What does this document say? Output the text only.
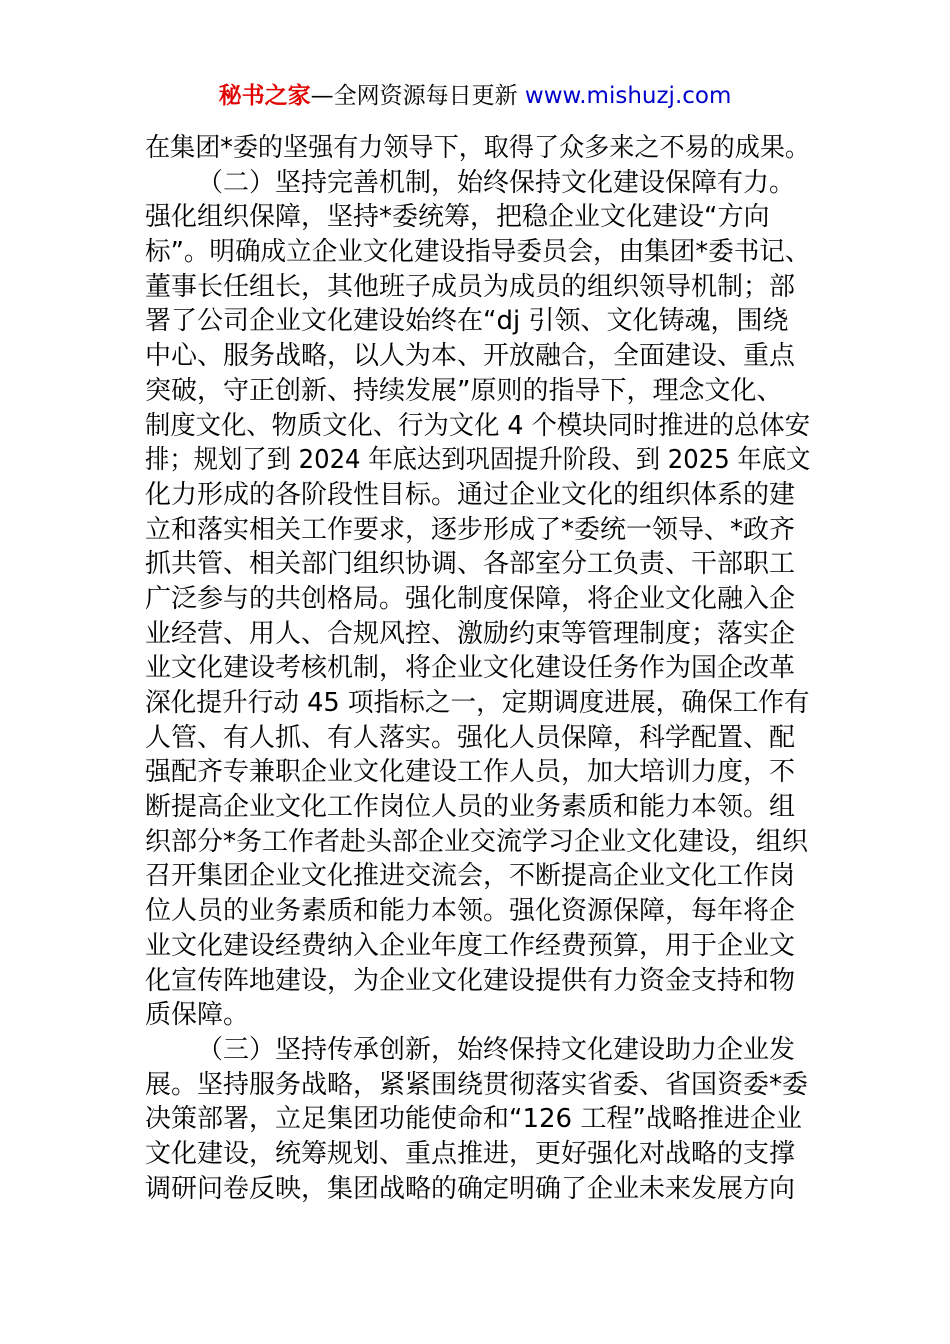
秘书之家—全网资源每日更新 www.mishuzj.com
在集团*委的坚强有力领导下，取得了众多来之不易的成果。
（二）坚持完善机制，始终保持文化建设保障有力。
强化组织保障，坚持*委统筹，把稳企业文化建设“方向
标”。明确成立企业文化建设指导委员会，由集团*委书记、
董事长任组长，其他班子成员为成员的组织领导机制；部
署了公司企业文化建设始终在“dj 引领、文化铸魂，围绕
中心、服务战略，以人为本、开放融合，全面建设、重点
突破，守正创新、持续发展”原则的指导下，理念文化、
制度文化、物质文化、行为文化 4 个模块同时推进的总体安
排；规划了到 2024 年底达到巩固提升阶段、到 2025 年底文
化力形成的各阶段性目标。通过企业文化的组织体系的建
立和落实相关工作要求，逐步形成了*委统一领导、*政齐
抓共管、相关部门组织协调、各部室分工负责、干部职工
广泛参与的共创格局。强化制度保障，将企业文化融入企
业经营、用人、合规风控、激励约束等管理制度；落实企
业文化建设考核机制，将企业文化建设任务作为国企改革
深化提升行动 45 项指标之一，定期调度进展，确保工作有
人管、有人抓、有人落实。强化人员保障，科学配置、配
强配齐专兼职企业文化建设工作人员，加大培训力度，不
断提高企业文化工作岗位人员的业务素质和能力本领。组
织部分*务工作者赴头部企业交流学习企业文化建设，组织
召开集团企业文化推进交流会，不断提高企业文化工作岗
位人员的业务素质和能力本领。强化资源保障，每年将企
业文化建设经费纳入企业年度工作经费预算，用于企业文
化宣传阵地建设，为企业文化建设提供有力资金支持和物
质保障。
（三）坚持传承创新，始终保持文化建设助力企业发
展。坚持服务战略，紧紧围绕贯彻落实省委、省国资委*委
决策部署，立足集团功能使命和“126 工程”战略推进企业
文化建设，统筹规划、重点推进，更好强化对战略的支撑
调研问卷反映，集团战略的确定明确了企业未来发展方向
